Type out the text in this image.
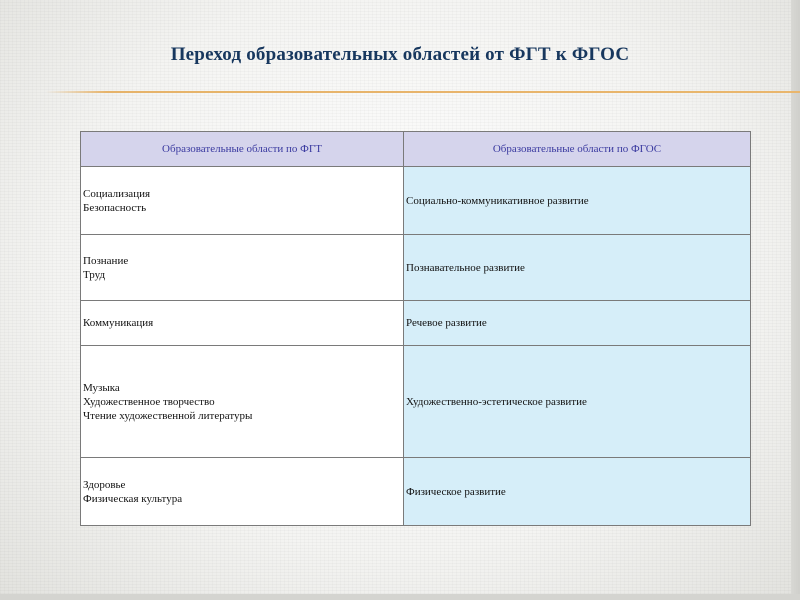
Переход образовательных областей от ФГТ к ФГОС
Образовательные области по ФГТ	Образовательные области по ФГОС

Социализация
Безопасность	Социально-коммуникативное развитие

Познание
Труд	Познавательное развитие

Коммуникация	Речевое развитие

Музыка
Художественное творчество
Чтение художественной литературы	Художественно-эстетическое развитие

Здоровье
Физическая культура	Физическое развитие
